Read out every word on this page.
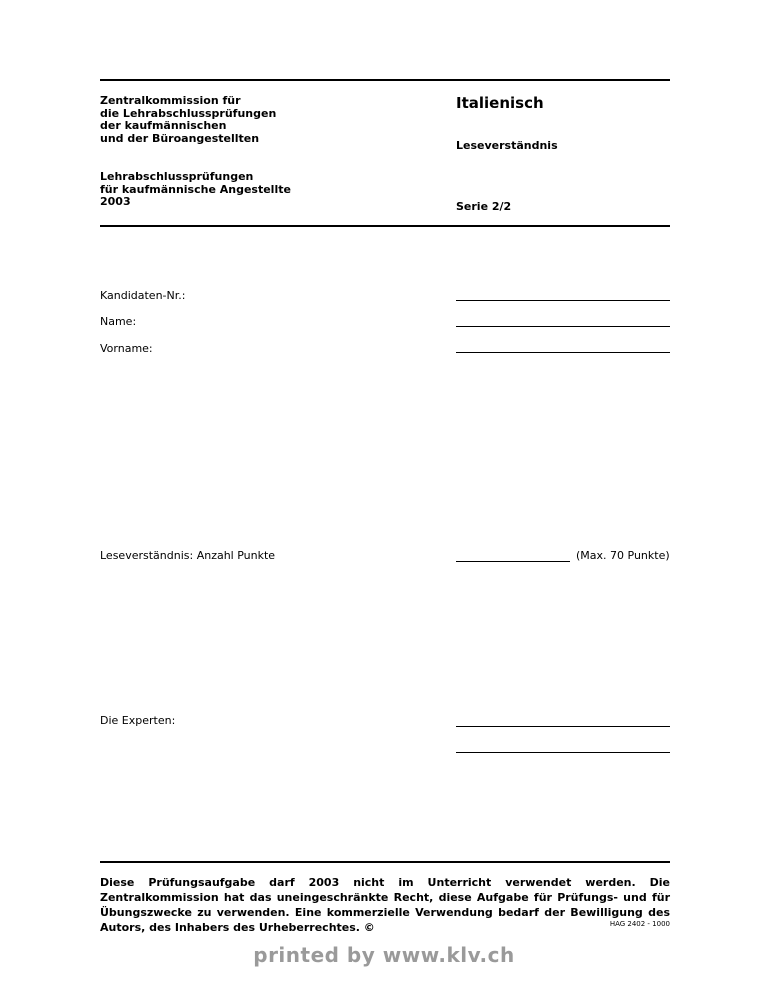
Zentralkommission für
die Lehrabschlussprüfungen
der kaufmännischen
und der Büroangestellten
Lehrabschlussprüfungen
für kaufmännische Angestellte
2003
Italienisch
Leseverständnis
Serie 2/2
Kandidaten-Nr.:
Name:
Vorname:
Leseverständnis: Anzahl Punkte	(Max. 70 Punkte)
Die Experten:
Diese Prüfungsaufgabe darf 2003 nicht im Unterricht verwendet werden. Die Zentralkommission hat das uneingeschränkte Recht, diese Aufgabe für Prüfungs- und für Übungszwecke zu verwenden. Eine kommerzielle Verwendung bedarf der Bewilligung des Autors, des Inhabers des Urheberrechtes. ©	HAG 2402 - 1000
printed by www.klv.ch
